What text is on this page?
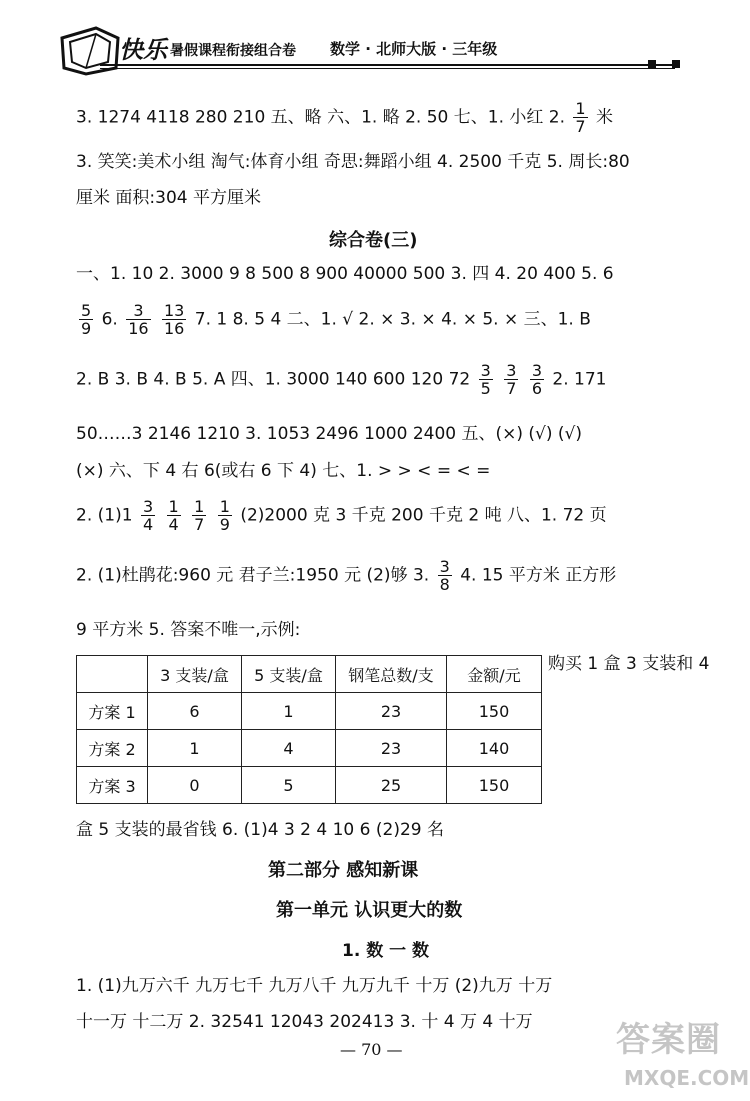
快乐 暑假课程衔接组合卷 数学 · 北师大版 · 三年级
3. 1274 4118 280 210 五、略 六、1. 略 2. 50 七、1. 小红 2. $\frac{1}{7}$ 米
3. 笑笑:美术小组 淘气:体育小组 奇思:舞蹈小组 4. 2500 千克 5. 周长:80
厘米 面积:304 平方厘米
综合卷(三)
一、1. 10 2. 3000 9 8 500 8 900 40000 500 3. 四 4. 20 400 5. 6
$\frac{5}{9} 6$. $\frac{3}{16}$
$\frac{13}{16} 7$. 1 8. 5 4 二、1. √ 2. × 3. × 4. × 5. × 三、1. B
2. B 3. B 4. B 5. A 四、1. 3000 140 600 120 $72 \frac{3}{5}$
$\frac{3}{7}$
$\frac{3}{6} 2$. 171
50……3 2146 1210 3. 1053 2496 1000 2400 五、(×) (√) (√)
(×) 六、下 4 右 6(或右 6 下 4) 七、1. > > < = < =
2. $(1)1 \frac{3}{4}$
$\frac{1}{4}$
$\frac{1}{7}$
$\frac{1}{9} (2)2000$ 克 3 千克 200 千克 2 吨 八、1. 72 页
2. (1)杜鹃花:960 元 君子兰:1950 元 (2)够 3. $\frac{3}{8} 4$. 15 平方米 正方形
9 平方米 5. 答案不唯一,示例:
	3 支装/盒	5 支装/盒	钢笔总数/支	金额/元
方案 1	6	1	23	150
方案 2	1	4	23	140
方案 3	0	5	25	150
购买 1 盒 3 支装和 4
盒 5 支装的最省钱 6. (1)4 3 2 4 10 6 (2)29 名
第二部分 感知新课
第一单元 认识更大的数
1. 数 一 数
1. (1)九万六千 九万七千 九万八千 九万九千 十万 (2)九万 十万
十一万 十二万 2. 32541 12043 202413 3. 十 4 万 4 十万
— 70 —	答案圈
MXQE.COM
